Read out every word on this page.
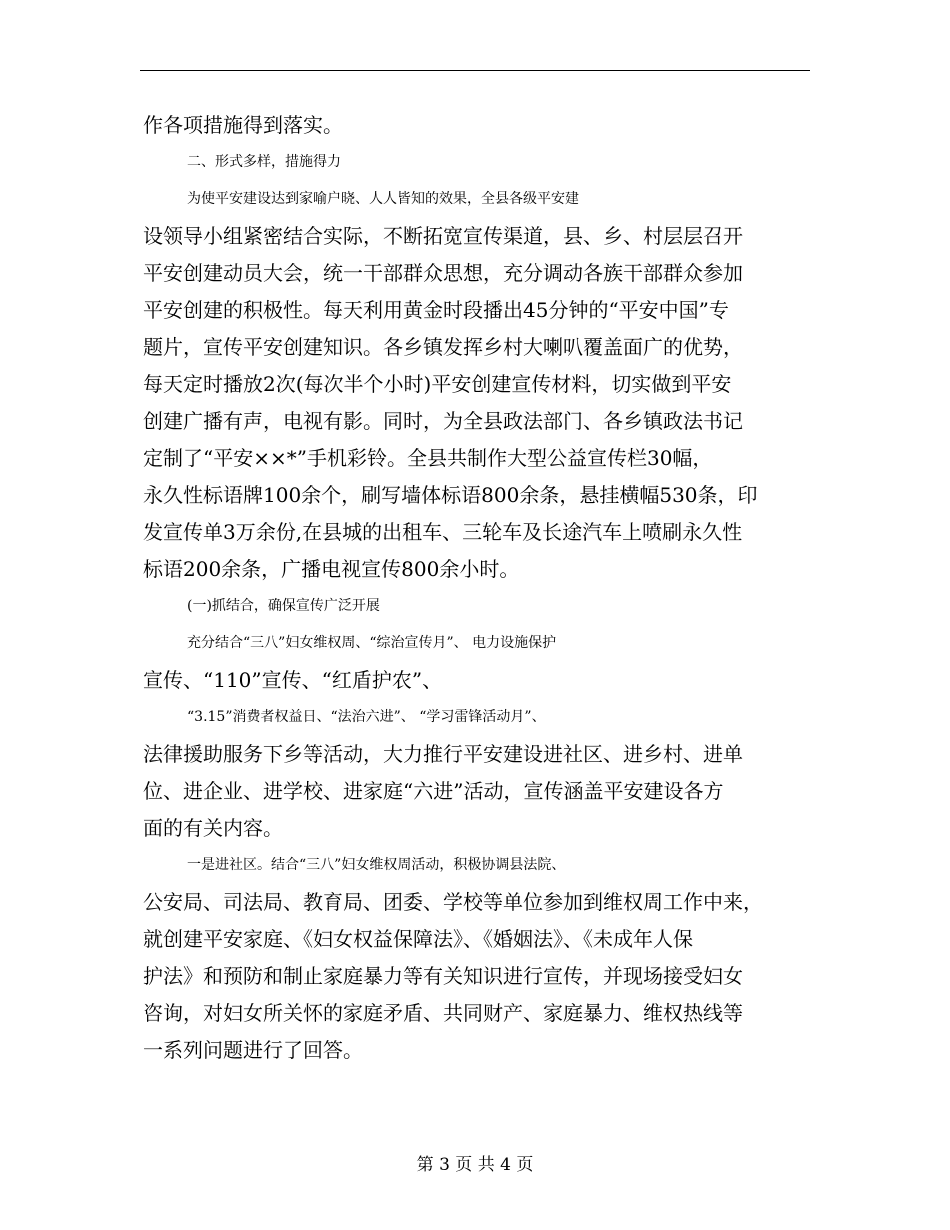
作各项措施得到落实。
二、形式多样，措施得力
为使平安建设达到家喻户晓、人人皆知的效果，全县各级平安建
设领导小组紧密结合实际，不断拓宽宣传渠道，县、乡、村层层召开
平安创建动员大会，统一干部群众思想，充分调动各族干部群众参加
平安创建的积极性。每天利用黄金时段播出45分钟的“平安中国”专
题片，宣传平安创建知识。各乡镇发挥乡村大喇叭覆盖面广的优势，
每天定时播放2次(每次半个小时)平安创建宣传材料，切实做到平安
创建广播有声，电视有影。同时，为全县政法部门、各乡镇政法书记
定制了“平安××*”手机彩铃。全县共制作大型公益宣传栏30幅，
永久性标语牌100余个，刷写墙体标语800余条，悬挂横幅530条，印
发宣传单3万余份,在县城的出租车、三轮车及长途汽车上喷刷永久性
标语200余条，广播电视宣传800余小时。
(一)抓结合，确保宣传广泛开展
充分结合“三八”妇女维权周、“综治宣传月”、 电力设施保护
宣传、“110”宣传、“红盾护农”、
“3.15”消费者权益日、“法治六进”、 “学习雷锋活动月”、
法律援助服务下乡等活动，大力推行平安建设进社区、进乡村、进单
位、进企业、进学校、进家庭“六进”活动，宣传涵盖平安建设各方
面的有关内容。
一是进社区。结合“三八”妇女维权周活动，积极协调县法院、
公安局、司法局、教育局、团委、学校等单位参加到维权周工作中来，
就创建平安家庭、《妇女权益保障法》、《婚姻法》、《未成年人保
护法》和预防和制止家庭暴力等有关知识进行宣传，并现场接受妇女
咨询，对妇女所关怀的家庭矛盾、共同财产、家庭暴力、维权热线等
一系列问题进行了回答。
第 3 页 共 4 页
